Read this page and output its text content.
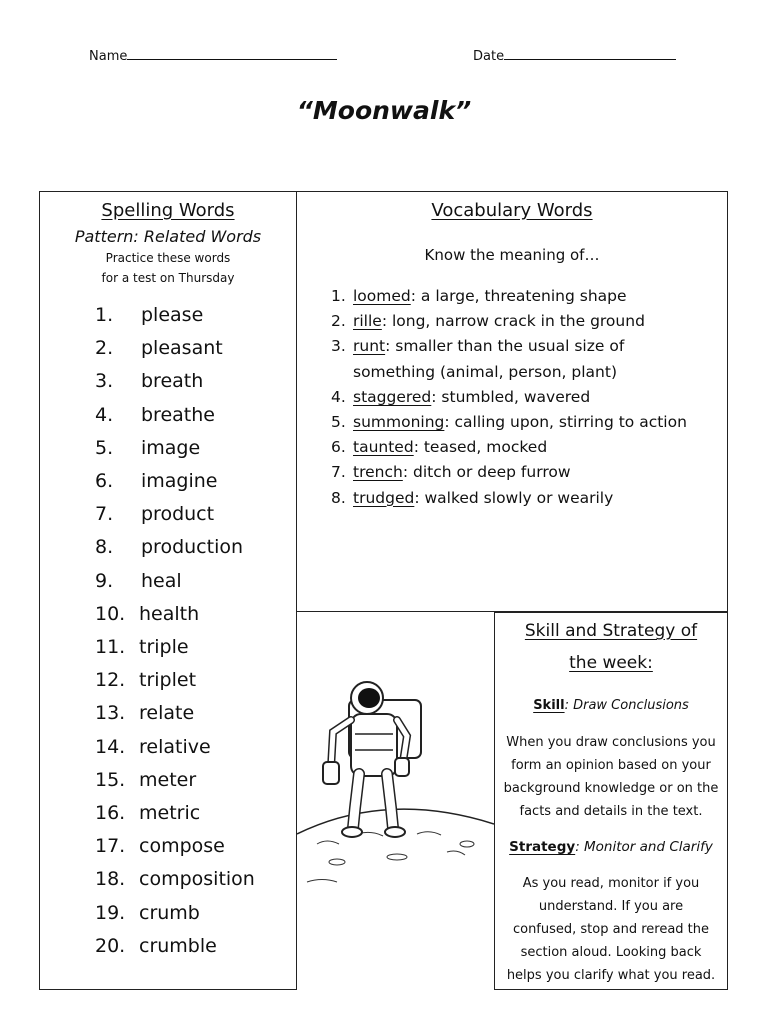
Name	Date
“Moonwalk”
Spelling Words
Pattern: Related Words
Practice these words
for a test on Thursday
1. please
2. pleasant
3. breath
4. breathe
5. image
6. imagine
7. product
8. production
9. heal
10. health
11. triple
12. triplet
13. relate
14. relative
15. meter
16. metric
17. compose
18. composition
19. crumb
20. crumble
Vocabulary Words
Know the meaning of…
1. loomed: a large, threatening shape
2. rille: long, narrow crack in the ground
3. runt: smaller than the usual size of
something (animal, person, plant)
4. staggered: stumbled, wavered
5. summoning: calling upon, stirring to action
6. taunted: teased, mocked
7. trench: ditch or deep furrow
8. trudged: walked slowly or wearily
Skill and Strategy of
the week:
Skill: Draw Conclusions
When you draw conclusions you
form an opinion based on your
background knowledge or on the
facts and details in the text.
Strategy: Monitor and Clarify
As you read, monitor if you
understand. If you are
confused, stop and reread the
section aloud. Looking back
helps you clarify what you read.
